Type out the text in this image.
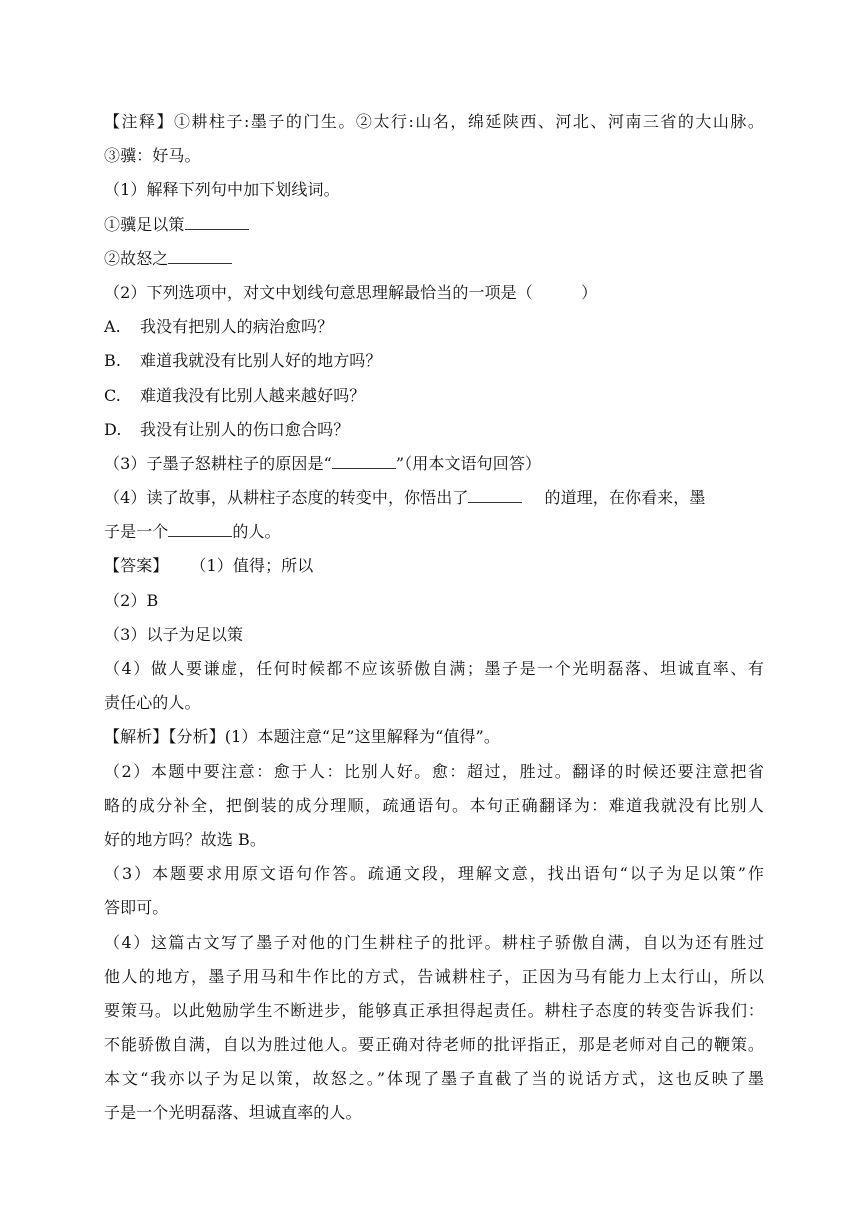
【注释】①耕柱子:墨子的门生。②太行:山名，绵延陕西、河北、河南三省的大山脉。
③骥：好马。
（1）解释下列句中加下划线词。
①骥足以策
②故怒之
（2）下列选项中，对文中划线句意思理解最恰当的一项是（　　　）
A. 我没有把别人的病治愈吗？
B. 难道我就没有比别人好的地方吗？
C. 难道我没有比别人越来越好吗？
D. 我没有让别人的伤口愈合吗？
（3）子墨子怒耕柱子的原因是“	”（用本文语句回答）
（4）读了故事，从耕柱子态度的转变中，你悟出了	的道理，在你看来，墨
子是一个	的人。
【答案】 （1）值得；所以
（2）B
（3）以子为足以策
（4）做人要谦虚，任何时候都不应该骄傲自满；墨子是一个光明磊落、坦诚直率、有
责任心的人。
【解析】【分析】(1）本题注意“足”这里解释为“值得”。
（2）本题中要注意：愈于人：比别人好。愈：超过，胜过。翻译的时候还要注意把省
略的成分补全，把倒装的成分理顺，疏通语句。本句正确翻译为：难道我就没有比别人
好的地方吗？故选 B。
（3）本题要求用原文语句作答。疏通文段，理解文意，找出语句“以子为足以策”作
答即可。
（4）这篇古文写了墨子对他的门生耕柱子的批评。耕柱子骄傲自满，自以为还有胜过
他人的地方，墨子用马和牛作比的方式，告诫耕柱子，正因为马有能力上太行山，所以
要策马。以此勉励学生不断进步，能够真正承担得起责任。耕柱子态度的转变告诉我们：
不能骄傲自满，自以为胜过他人。要正确对待老师的批评指正，那是老师对自己的鞭策。
本文“我亦以子为足以策，故怒之。”体现了墨子直截了当的说话方式，这也反映了墨
子是一个光明磊落、坦诚直率的人。
